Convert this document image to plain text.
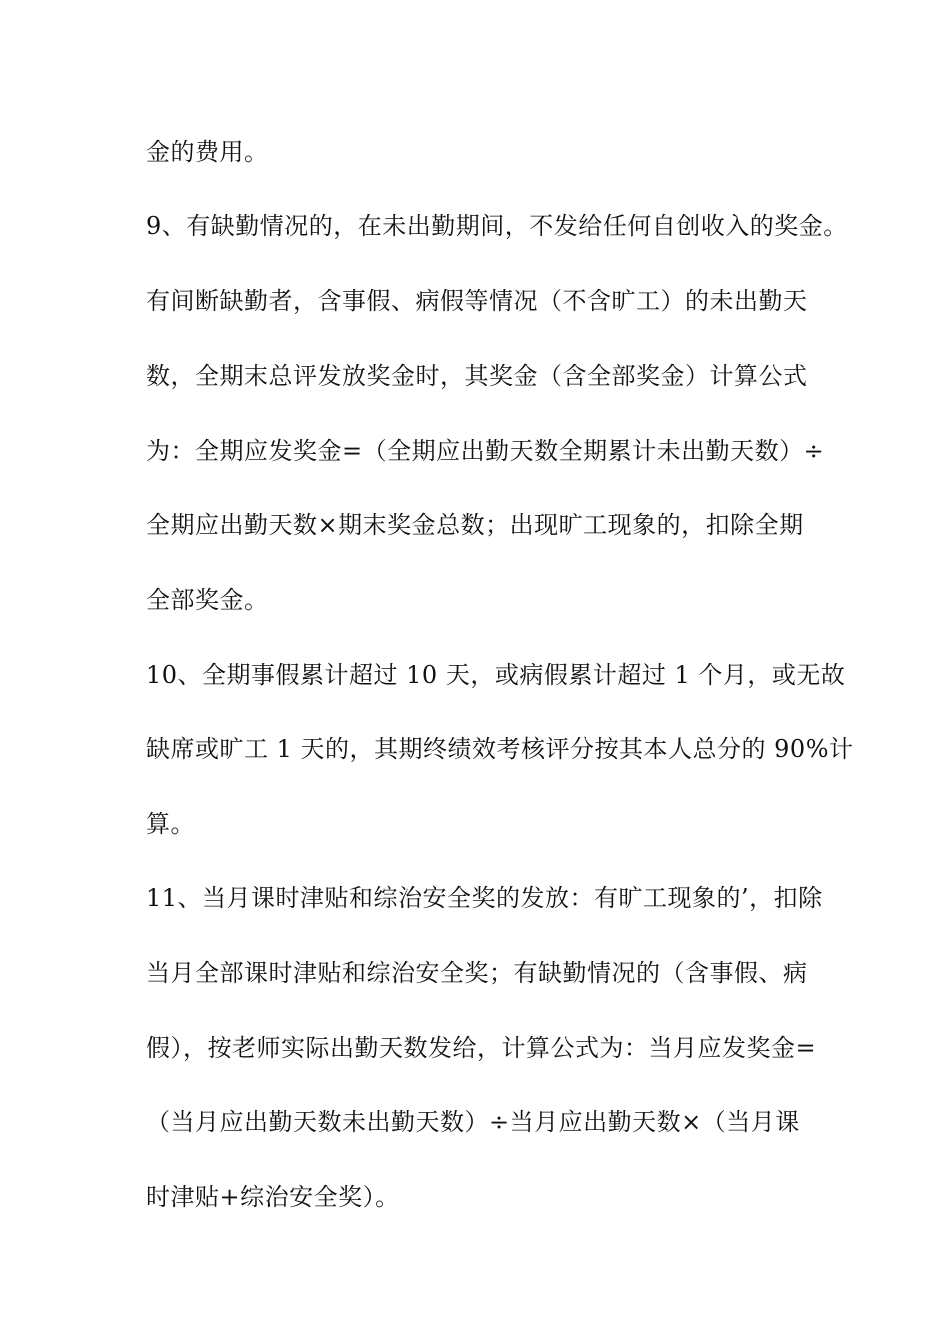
金的费用。
9、有缺勤情况的，在未出勤期间，不发给任何自创收入的奖金。
有间断缺勤者，含事假、病假等情况（不含旷工）的未出勤天
数，全期末总评发放奖金时，其奖金（含全部奖金）计算公式
为：全期应发奖金=（全期应出勤天数全期累计未出勤天数）÷
全期应出勤天数×期末奖金总数；出现旷工现象的，扣除全期
全部奖金。
10、全期事假累计超过 10 天，或病假累计超过 1 个月，或无故
缺席或旷工 1 天的，其期终绩效考核评分按其本人总分的 90%计
算。
11、当月课时津贴和综治安全奖的发放：有旷工现象的’，扣除
当月全部课时津贴和综治安全奖；有缺勤情况的（含事假、病
假），按老师实际出勤天数发给，计算公式为：当月应发奖金=
（当月应出勤天数未出勤天数）÷当月应出勤天数×（当月课
时津贴+综治安全奖）。
